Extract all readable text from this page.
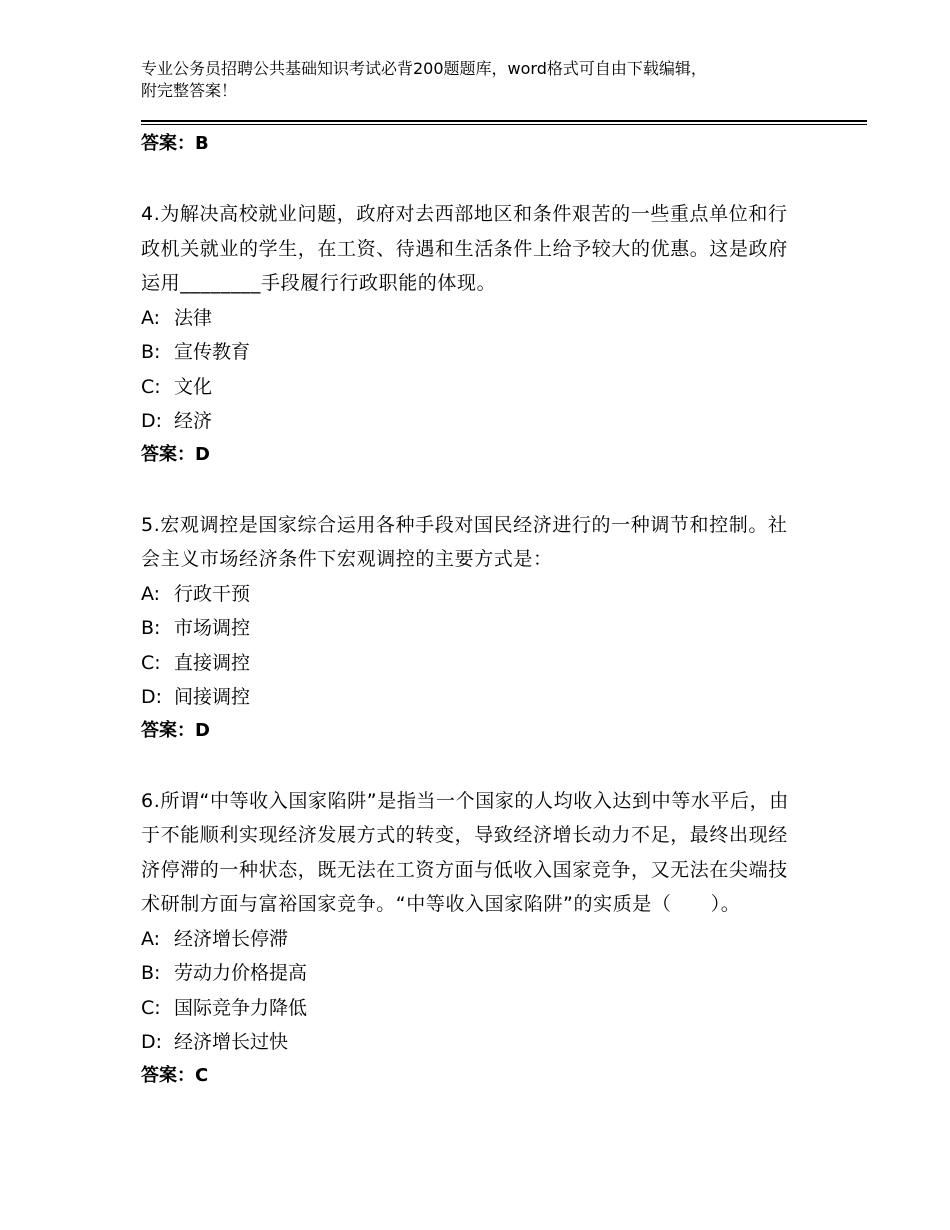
专业公务员招聘公共基础知识考试必背200题题库，word格式可自由下载编辑，
附完整答案！
答案：B
4.为解决高校就业问题，政府对去西部地区和条件艰苦的一些重点单位和行政机关就业的学生，在工资、待遇和生活条件上给予较大的优惠。这是政府运用________手段履行行政职能的体现。
A: 法律
B: 宣传教育
C: 文化
D: 经济
答案：D
5.宏观调控是国家综合运用各种手段对国民经济进行的一种调节和控制。社会主义市场经济条件下宏观调控的主要方式是：
A: 行政干预
B: 市场调控
C: 直接调控
D: 间接调控
答案：D
6.所谓“中等收入国家陷阱”是指当一个国家的人均收入达到中等水平后，由于不能顺利实现经济发展方式的转变，导致经济增长动力不足，最终出现经济停滞的一种状态，既无法在工资方面与低收入国家竞争，又无法在尖端技术研制方面与富裕国家竞争。“中等收入国家陷阱”的实质是（　　）。
A: 经济增长停滞
B: 劳动力价格提高
C: 国际竞争力降低
D: 经济增长过快
答案：C
